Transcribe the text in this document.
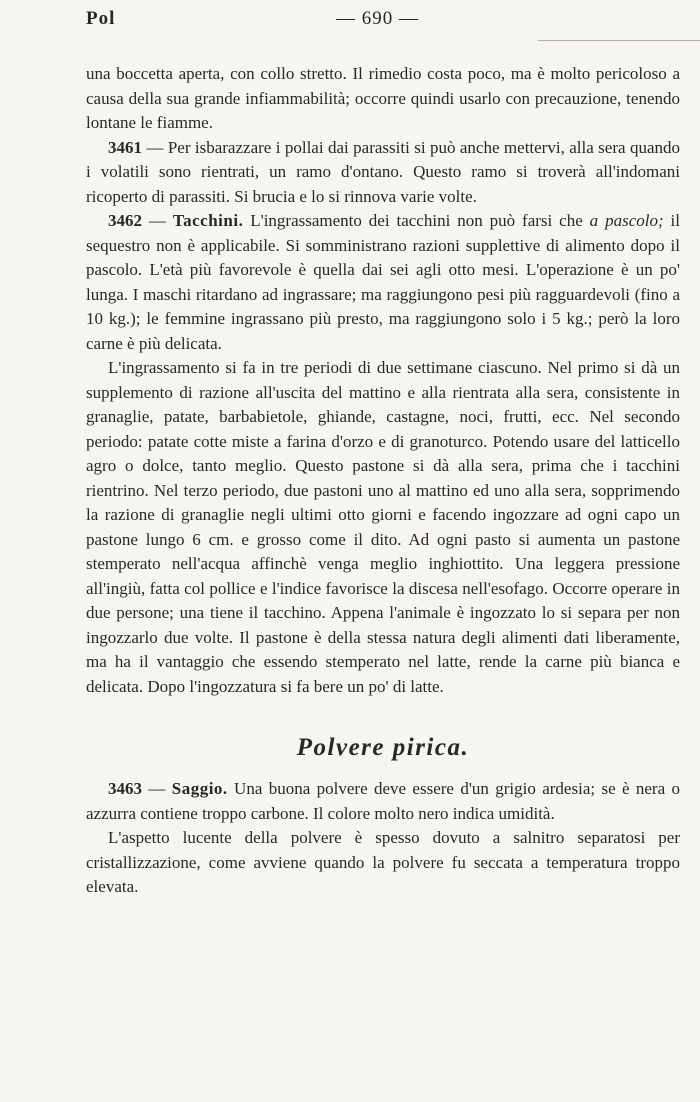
Pol	— 690 —

una boccetta aperta, con collo stretto. Il rimedio costa poco, ma è molto pericoloso a causa della sua grande infiammabilità; occorre quindi usarlo con precauzione, tenendo lontane le fiamme.

3461 — Per isbarazzare i pollai dai parassiti si può anche mettervi, alla sera quando i volatili sono rientrati, un ramo d'ontano. Questo ramo si troverà all'indomani ricoperto di parassiti. Si brucia e lo si rinnova varie volte.

3462 — Tacchini. L'ingrassamento dei tacchini non può farsi che a pascolo; il sequestro non è applicabile. Si somministrano razioni supplettive di alimento dopo il pascolo. L'età più favorevole è quella dai sei agli otto mesi. L'operazione è un po' lunga. I maschi ritardano ad ingrassare; ma raggiungono pesi più ragguardevoli (fino a 10 kg.); le femmine ingrassano più presto, ma raggiungono solo i 5 kg.; però la loro carne è più delicata.

L'ingrassamento si fa in tre periodi di due settimane ciascuno. Nel primo si dà un supplemento di razione all'uscita del mattino e alla rientrata alla sera, consistente in granaglie, patate, barbabietole, ghiande, castagne, noci, frutti, ecc. Nel secondo periodo: patate cotte miste a farina d'orzo e di granoturco. Potendo usare del latticello agro o dolce, tanto meglio. Questo pastone si dà alla sera, prima che i tacchini rientrino. Nel terzo periodo, due pastoni uno al mattino ed uno alla sera, sopprimendo la razione di granaglie negli ultimi otto giorni e facendo ingozzare ad ogni capo un pastone lungo 6 cm. e grosso come il dito. Ad ogni pasto si aumenta un pastone stemperato nell'acqua affinchè venga meglio inghiottito. Una leggera pressione all'ingiù, fatta col pollice e l'indice favorisce la discesa nell'esofago. Occorre operare in due persone; una tiene il tacchino. Appena l'animale è ingozzato lo si separa per non ingozzarlo due volte. Il pastone è della stessa natura degli alimenti dati liberamente, ma ha il vantaggio che essendo stemperato nel latte, rende la carne più bianca e delicata. Dopo l'ingozzatura si fa bere un po' di latte.

Polvere pirica.

3463 — Saggio. Una buona polvere deve essere d'un grigio ardesia; se è nera o azzurra contiene troppo carbone. Il colore molto nero indica umidità.

L'aspetto lucente della polvere è spesso dovuto a salnitro separatosi per cristallizzazione, come avviene quando la polvere fu seccata a temperatura troppo elevata.
